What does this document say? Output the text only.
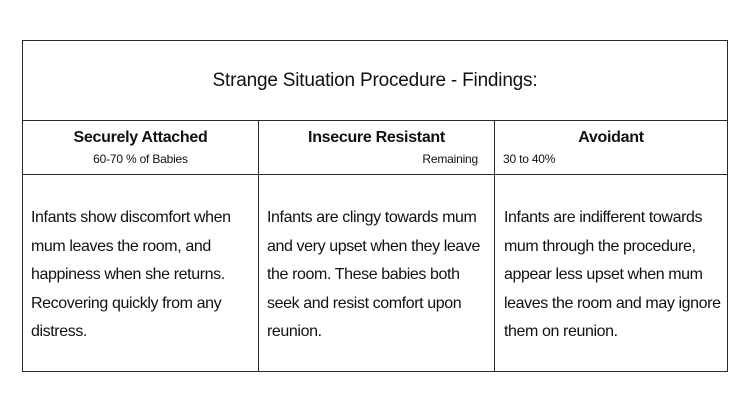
Strange Situation Procedure - Findings:
Securely Attached
60-70 % of Babies
Insecure Resistant
Remaining
Avoidant
30 to 40%
Infants show discomfort when mum leaves the room, and happiness when she returns. Recovering quickly from any distress.
Infants are clingy towards mum and very upset when they leave the room. These babies both seek and resist comfort upon reunion.
Infants are indifferent towards mum through the procedure, appear less upset when mum leaves the room and may ignore them on reunion.
